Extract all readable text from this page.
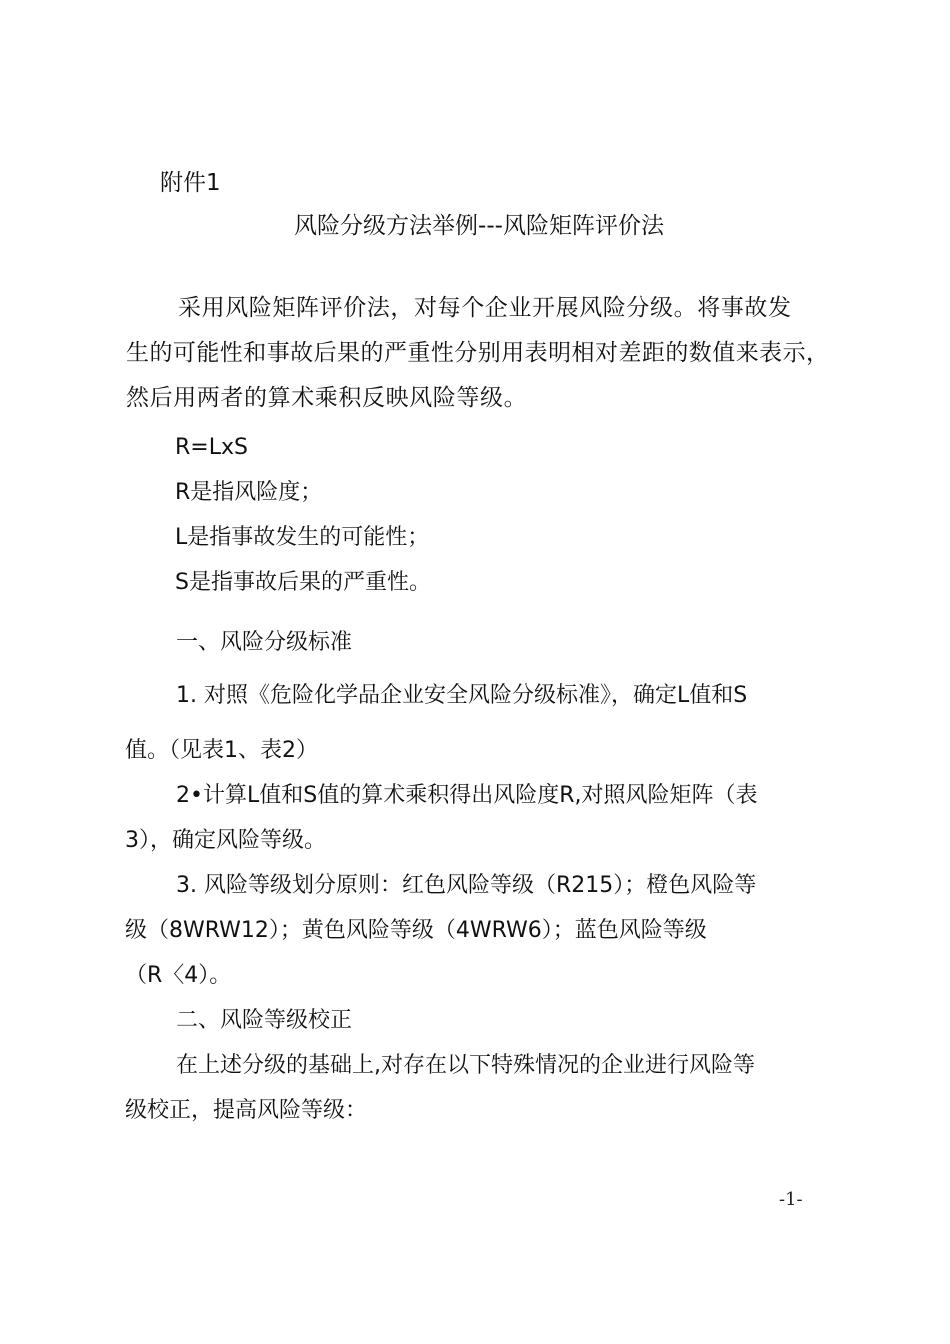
附件1
风险分级方法举例---风险矩阵评价法
采用风险矩阵评价法，对每个企业开展风险分级。将事故发
生的可能性和事故后果的严重性分别用表明相对差距的数值来表示，
然后用两者的算术乘积反映风险等级。
R=LxS
R是指风险度；
L是指事故发生的可能性；
S是指事故后果的严重性。
一、风险分级标准
1. 对照《危险化学品企业安全风险分级标准》，确定L值和S
值。（见表1、表2）
2•计算L值和S值的算术乘积得出风险度R,对照风险矩阵（表
3），确定风险等级。
3. 风险等级划分原则：红色风险等级（R215）；橙色风险等
级（8WRW12）；黄色风险等级（4WRW6）；蓝色风险等级
（R〈4）。
二、风险等级校正
在上述分级的基础上,对存在以下特殊情况的企业进行风险等
级校正，提高风险等级：
-1-
